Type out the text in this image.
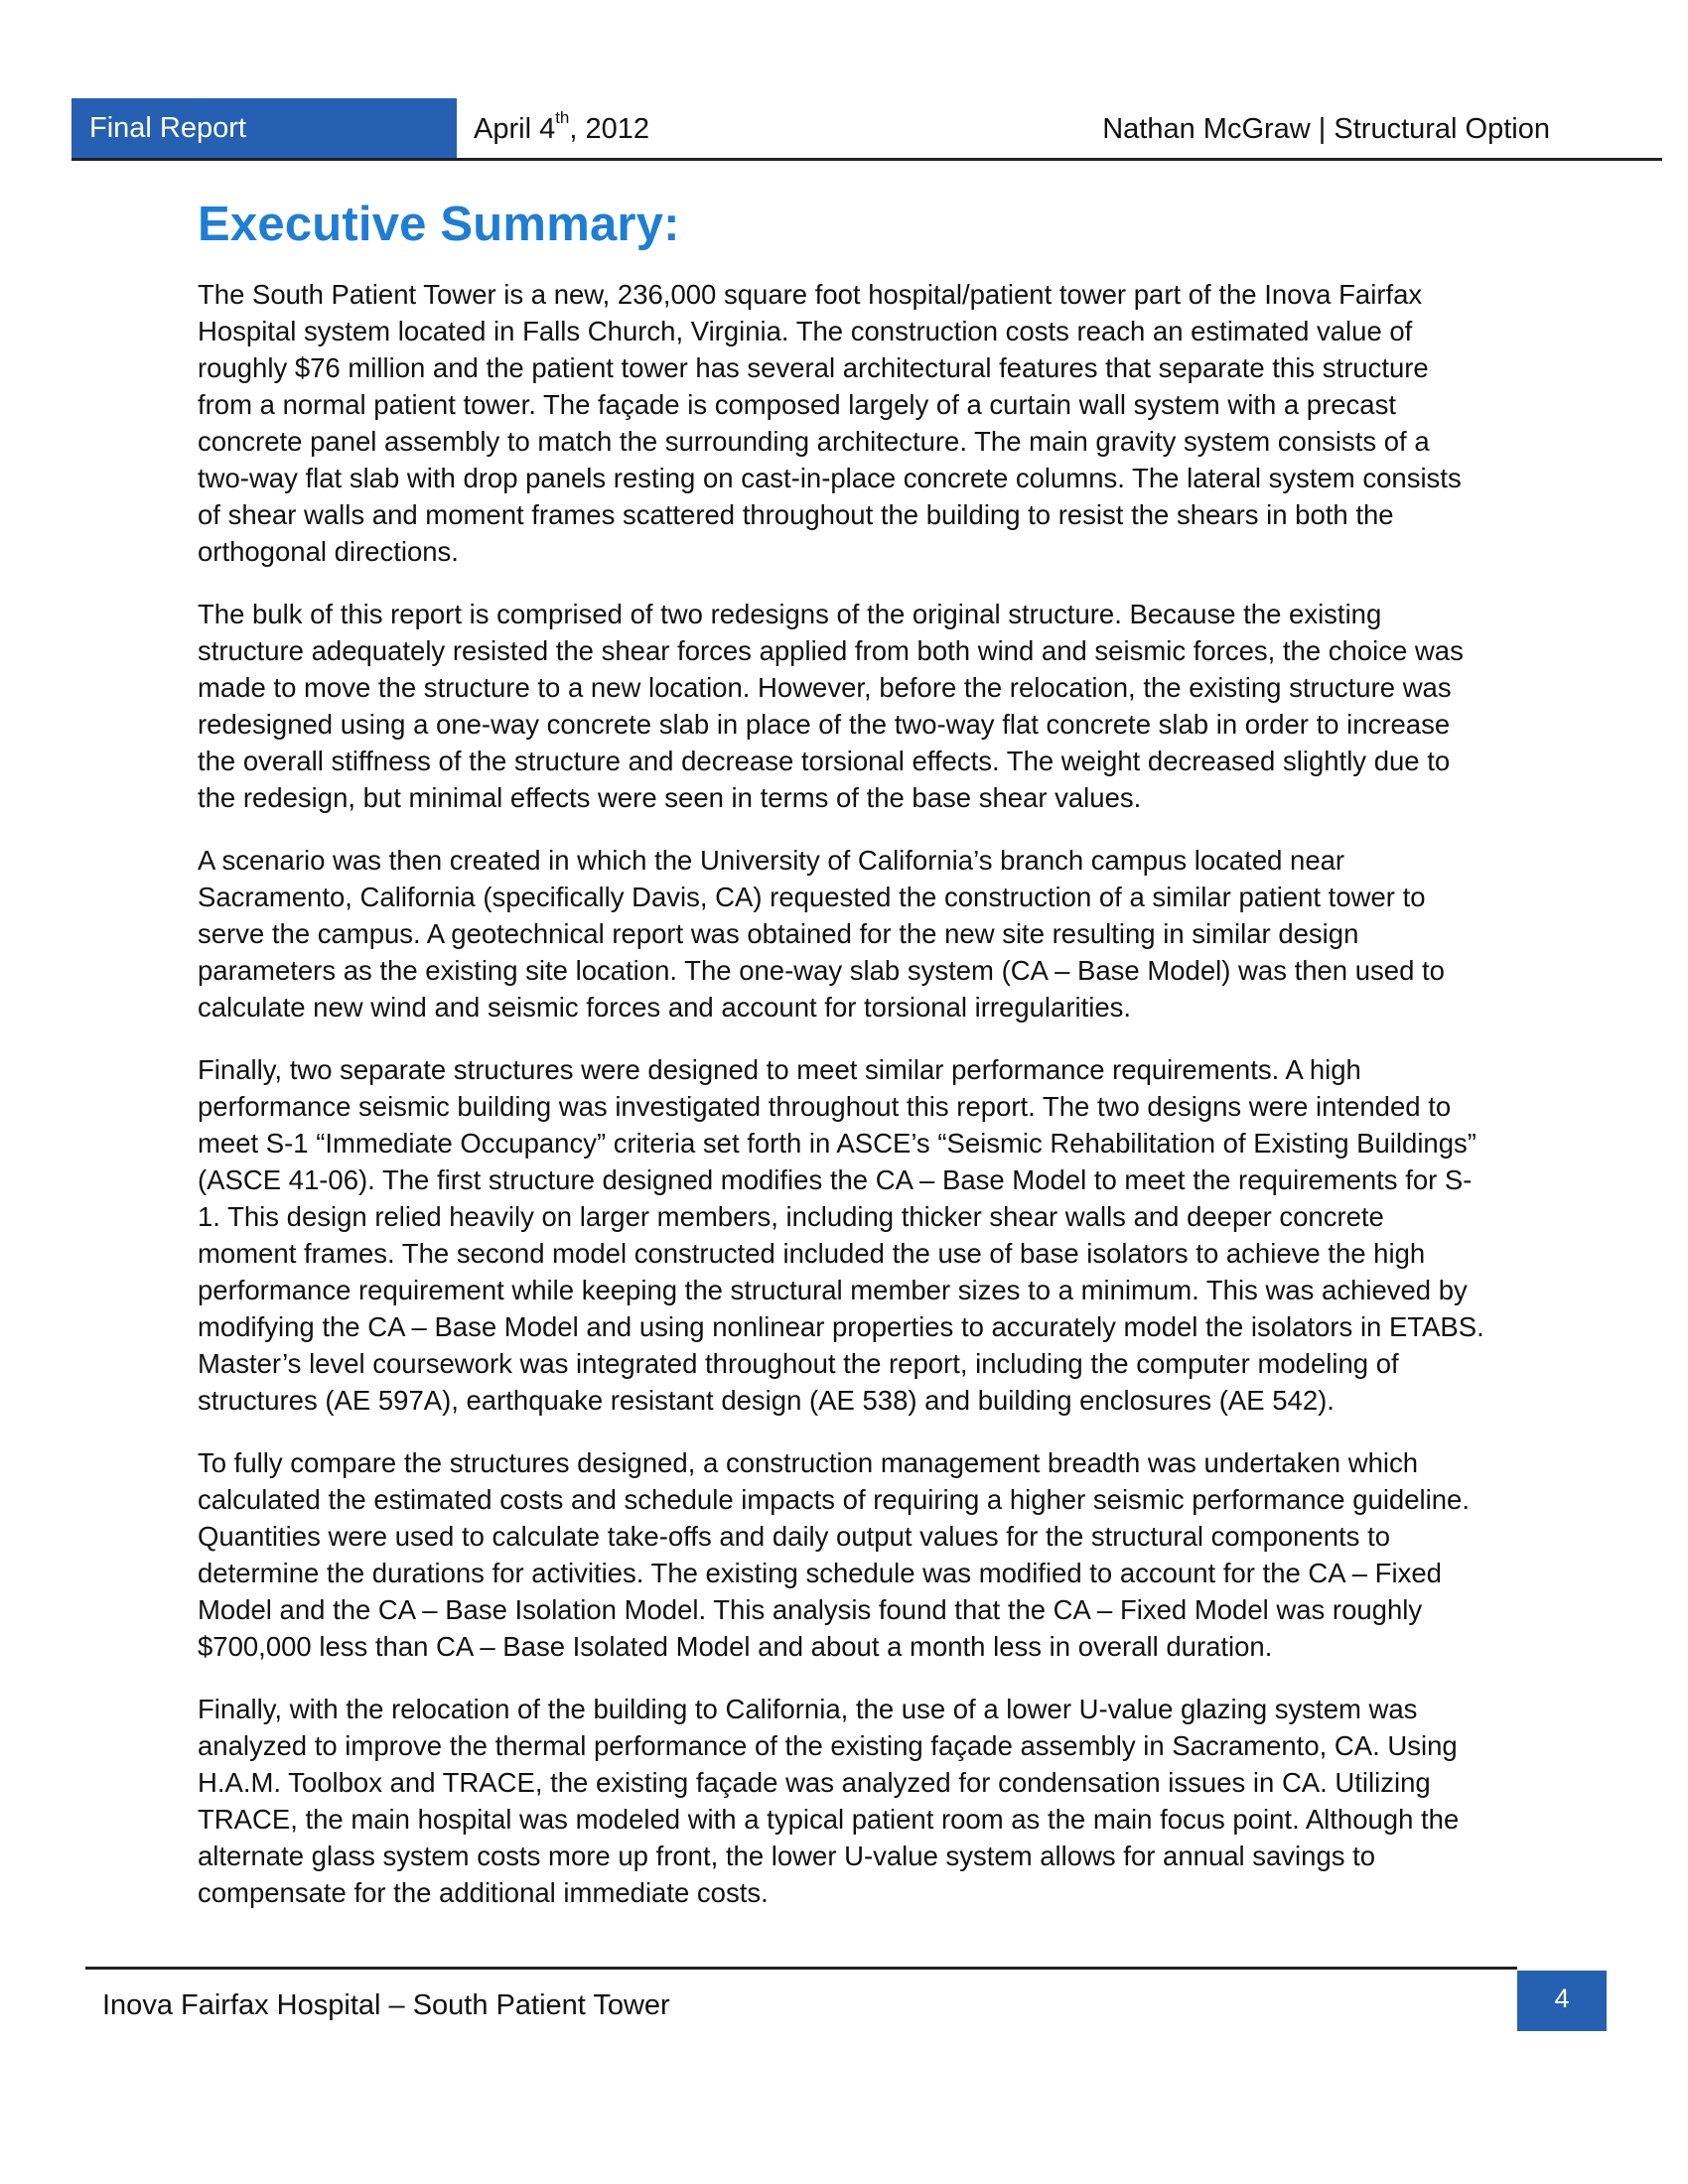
Final Report	April 4th, 2012	Nathan McGraw | Structural Option
Executive Summary:

The South Patient Tower is a new, 236,000 square foot hospital/patient tower part of the Inova Fairfax Hospital system located in Falls Church, Virginia. The construction costs reach an estimated value of roughly $76 million and the patient tower has several architectural features that separate this structure from a normal patient tower. The façade is composed largely of a curtain wall system with a precast concrete panel assembly to match the surrounding architecture. The main gravity system consists of a two-way flat slab with drop panels resting on cast-in-place concrete columns. The lateral system consists of shear walls and moment frames scattered throughout the building to resist the shears in both the orthogonal directions.

The bulk of this report is comprised of two redesigns of the original structure. Because the existing structure adequately resisted the shear forces applied from both wind and seismic forces, the choice was made to move the structure to a new location. However, before the relocation, the existing structure was redesigned using a one-way concrete slab in place of the two-way flat concrete slab in order to increase the overall stiffness of the structure and decrease torsional effects. The weight decreased slightly due to the redesign, but minimal effects were seen in terms of the base shear values.

A scenario was then created in which the University of California’s branch campus located near Sacramento, California (specifically Davis, CA) requested the construction of a similar patient tower to serve the campus. A geotechnical report was obtained for the new site resulting in similar design parameters as the existing site location. The one-way slab system (CA – Base Model) was then used to calculate new wind and seismic forces and account for torsional irregularities.

Finally, two separate structures were designed to meet similar performance requirements. A high performance seismic building was investigated throughout this report. The two designs were intended to meet S-1 “Immediate Occupancy” criteria set forth in ASCE’s “Seismic Rehabilitation of Existing Buildings” (ASCE 41-06). The first structure designed modifies the CA – Base Model to meet the requirements for S-1. This design relied heavily on larger members, including thicker shear walls and deeper concrete moment frames. The second model constructed included the use of base isolators to achieve the high performance requirement while keeping the structural member sizes to a minimum. This was achieved by modifying the CA – Base Model and using nonlinear properties to accurately model the isolators in ETABS. Master’s level coursework was integrated throughout the report, including the computer modeling of structures (AE 597A), earthquake resistant design (AE 538) and building enclosures (AE 542).

To fully compare the structures designed, a construction management breadth was undertaken which calculated the estimated costs and schedule impacts of requiring a higher seismic performance guideline. Quantities were used to calculate take-offs and daily output values for the structural components to determine the durations for activities. The existing schedule was modified to account for the CA – Fixed Model and the CA – Base Isolation Model. This analysis found that the CA – Fixed Model was roughly $700,000 less than CA – Base Isolated Model and about a month less in overall duration.

Finally, with the relocation of the building to California, the use of a lower U-value glazing system was analyzed to improve the thermal performance of the existing façade assembly in Sacramento, CA. Using H.A.M. Toolbox and TRACE, the existing façade was analyzed for condensation issues in CA. Utilizing TRACE, the main hospital was modeled with a typical patient room as the main focus point. Although the alternate glass system costs more up front, the lower U-value system allows for annual savings to compensate for the additional immediate costs.

Inova Fairfax Hospital – South Patient Tower	4
